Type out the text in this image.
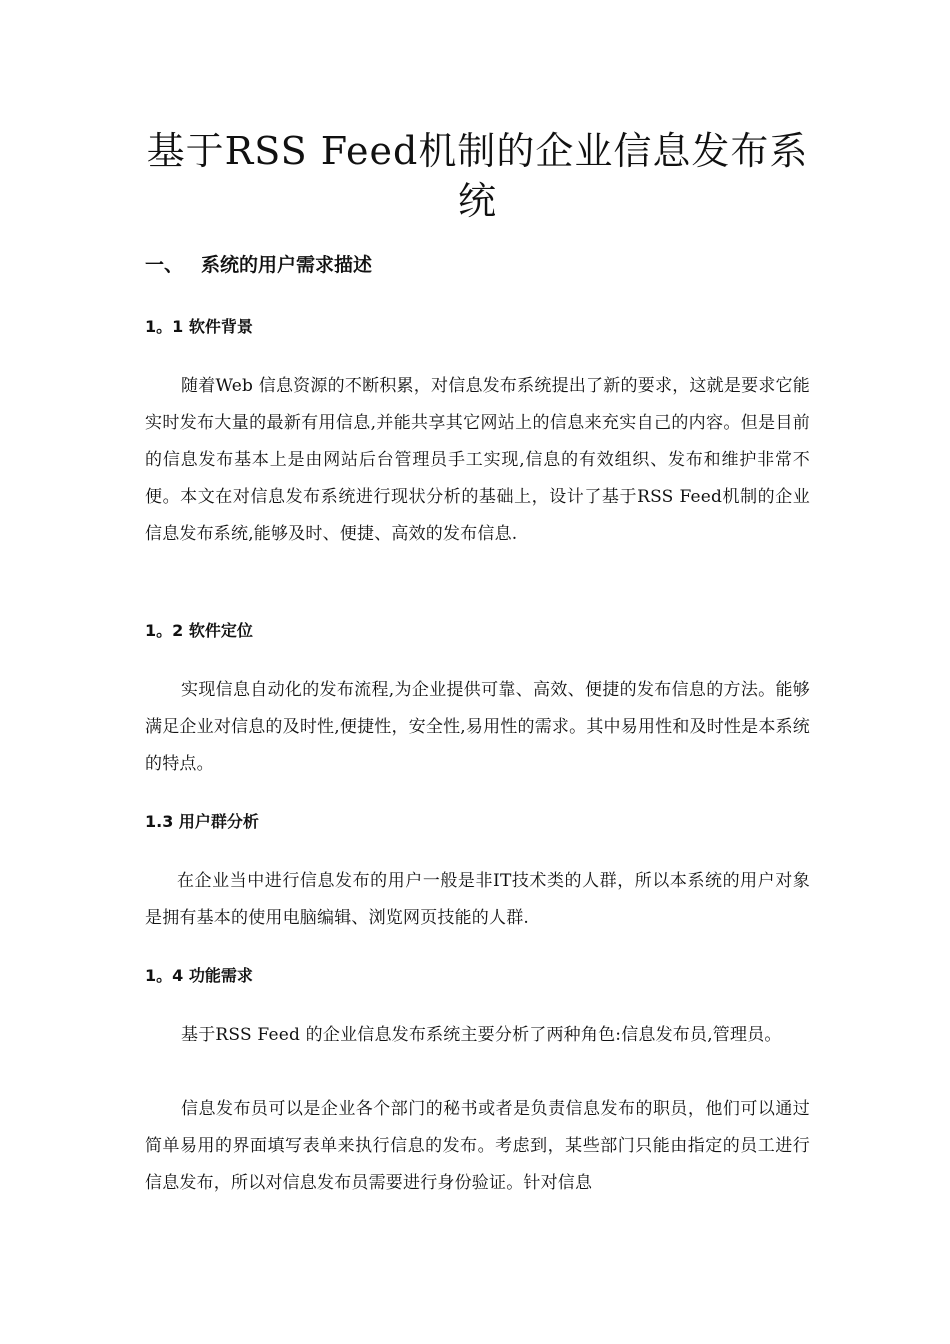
基于RSS Feed机制的企业信息发布系统
一、 系统的用户需求描述
1。1 软件背景

随着Web 信息资源的不断积累，对信息发布系统提出了新的要求，这就是要求它能实时发布大量的最新有用信息,并能共享其它网站上的信息来充实自己的内容。但是目前的信息发布基本上是由网站后台管理员手工实现,信息的有效组织、发布和维护非常不便。本文在对信息发布系统进行现状分析的基础上，设计了基于RSS Feed机制的企业信息发布系统,能够及时、便捷、高效的发布信息.

1。2 软件定位

实现信息自动化的发布流程,为企业提供可靠、高效、便捷的发布信息的方法。能够满足企业对信息的及时性,便捷性，安全性,易用性的需求。其中易用性和及时性是本系统的特点。

1.3 用户群分析

在企业当中进行信息发布的用户一般是非IT技术类的人群，所以本系统的用户对象是拥有基本的使用电脑编辑、浏览网页技能的人群.

1。4 功能需求

基于RSS Feed 的企业信息发布系统主要分析了两种角色:信息发布员,管理员。

信息发布员可以是企业各个部门的秘书或者是负责信息发布的职员，他们可以通过简单易用的界面填写表单来执行信息的发布。考虑到，某些部门只能由指定的员工进行信息发布，所以对信息发布员需要进行身份验证。针对信息
